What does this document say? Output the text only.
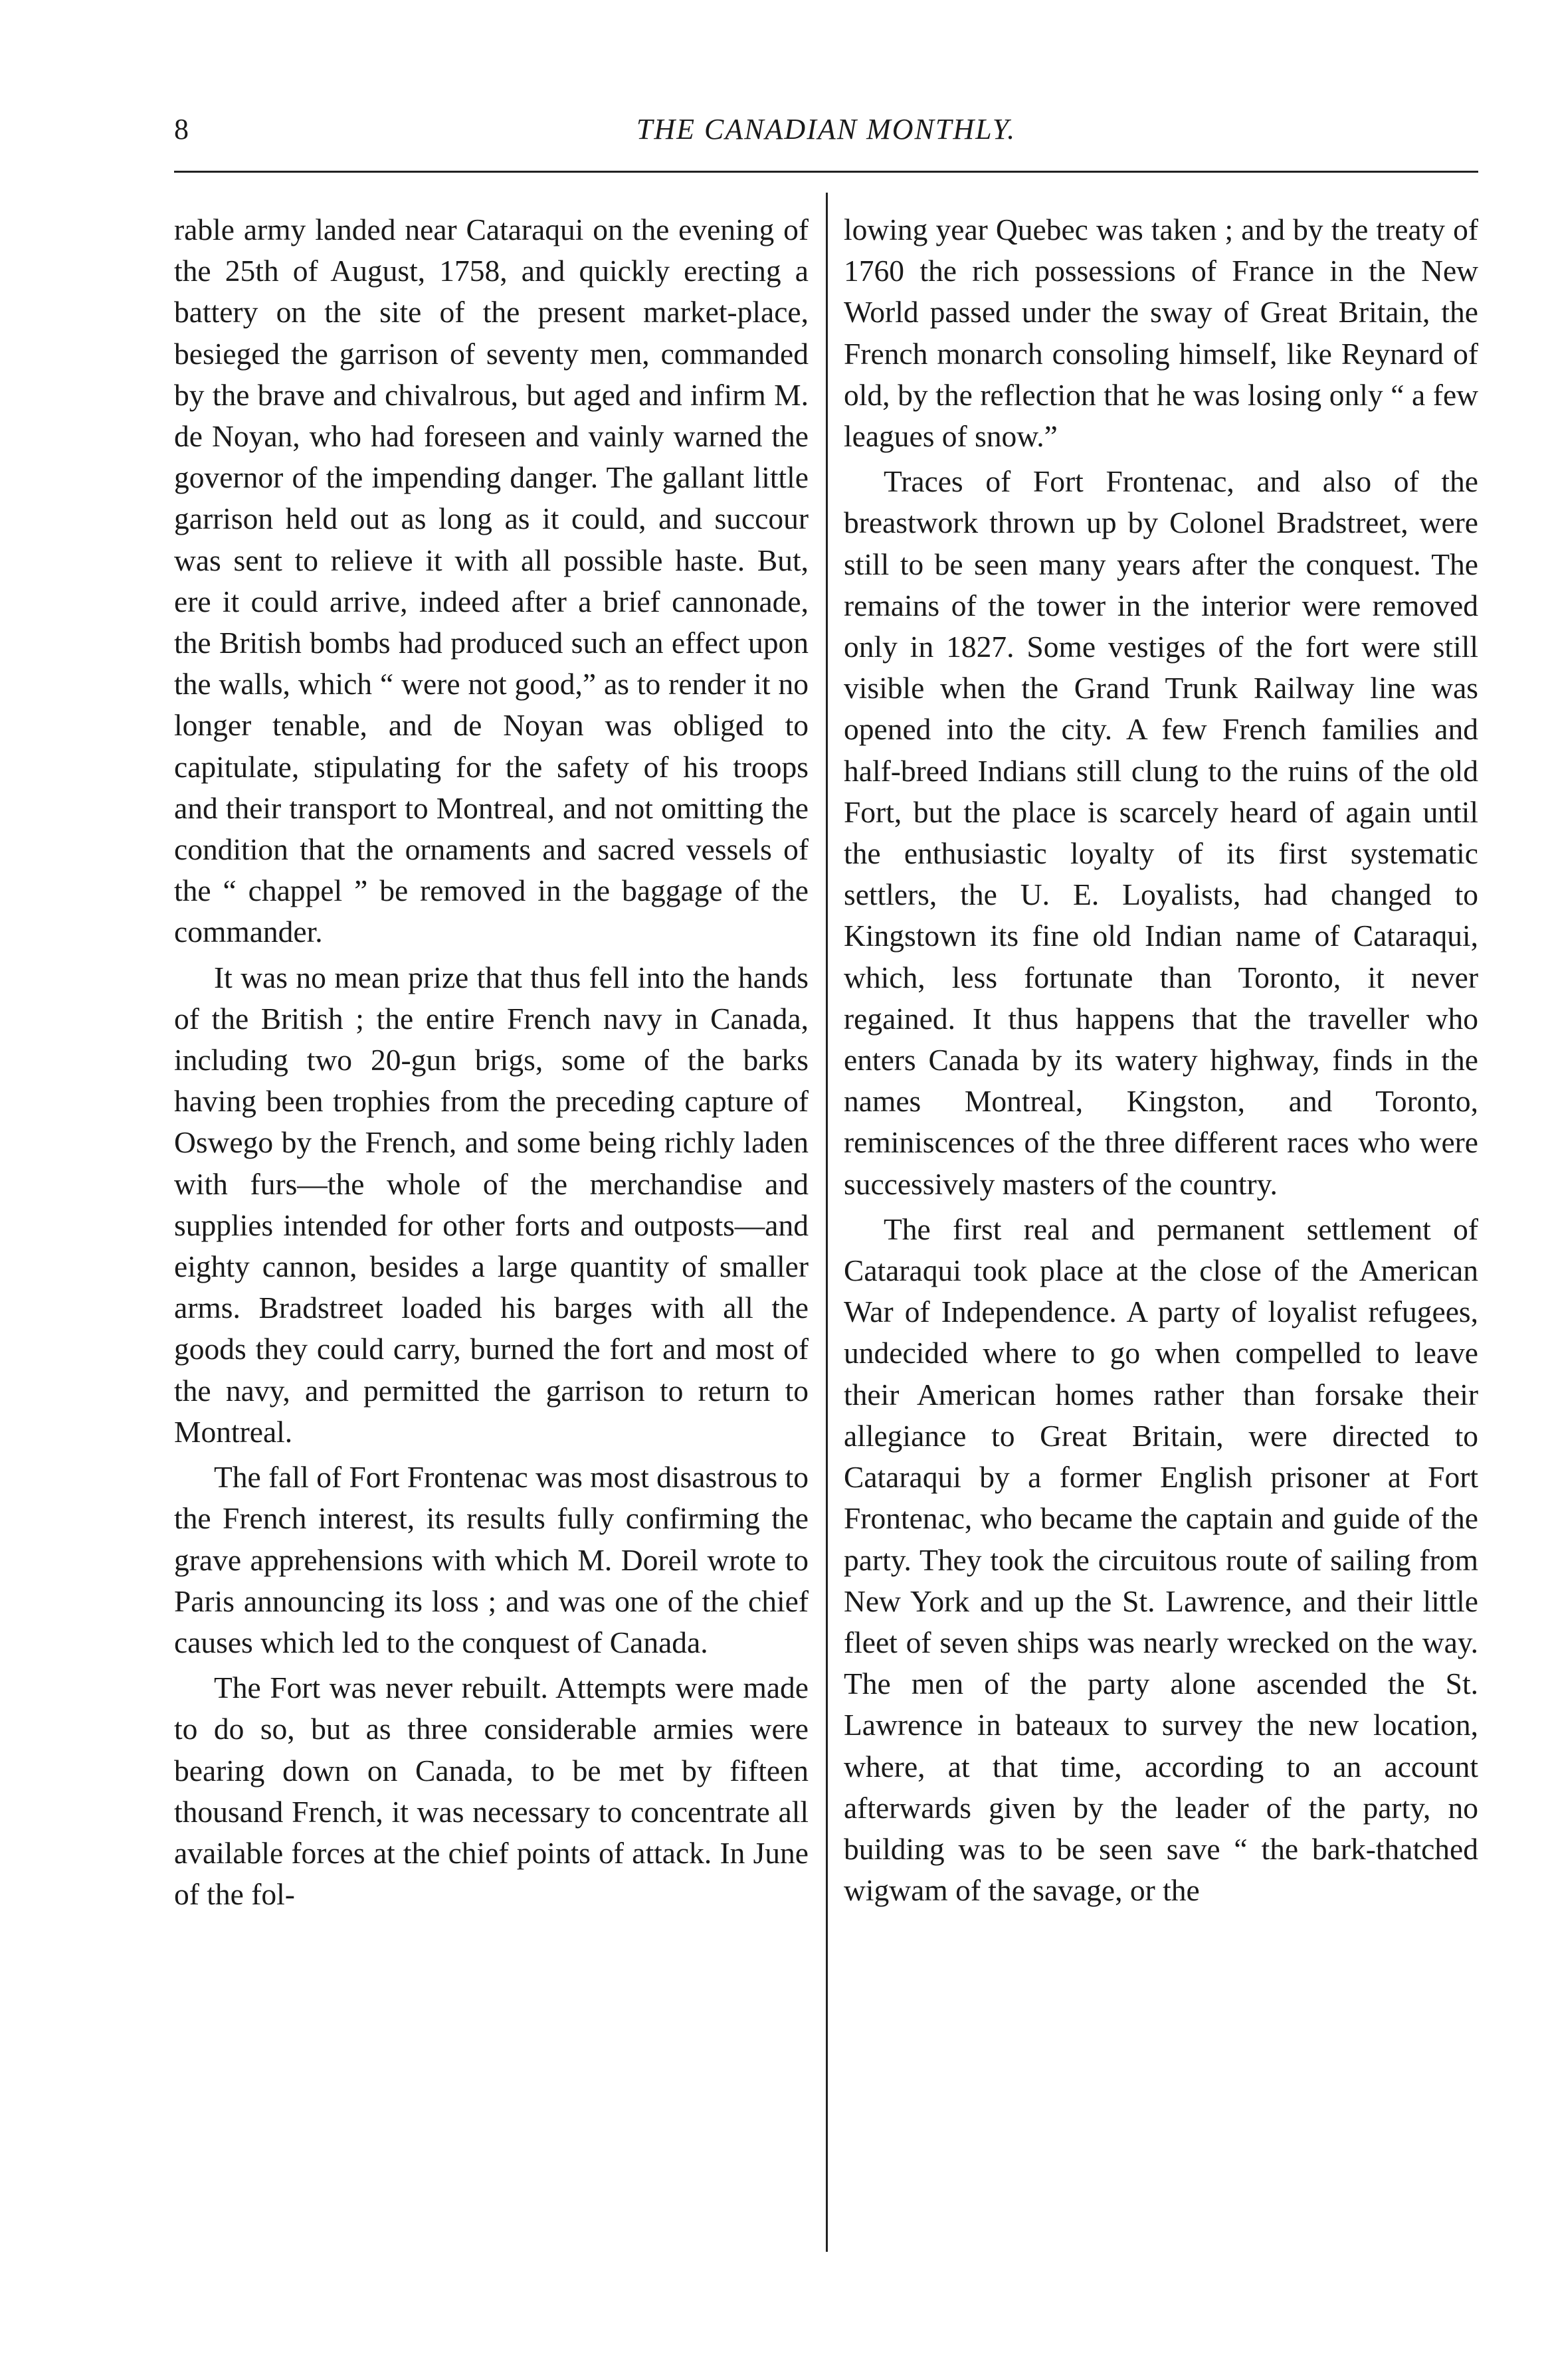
8	THE CANADIAN MONTHLY.

rable army landed near Cataraqui on the evening of the 25th of August, 1758, and quickly erecting a battery on the site of the present market-place, besieged the garrison of seventy men, commanded by the brave and chivalrous, but aged and infirm M. de Noyan, who had foreseen and vainly warned the governor of the impending danger. The gallant little garrison held out as long as it could, and succour was sent to relieve it with all possible haste. But, ere it could arrive, indeed after a brief cannonade, the British bombs had produced such an effect upon the walls, which “ were not good,” as to render it no longer tenable, and de Noyan was obliged to capitulate, stipulating for the safety of his troops and their transport to Montreal, and not omitting the condition that the ornaments and sacred vessels of the “ chappel ” be removed in the baggage of the commander.

It was no mean prize that thus fell into the hands of the British ; the entire French navy in Canada, including two 20-gun brigs, some of the barks having been trophies from the preceding capture of Oswego by the French, and some being richly laden with furs—the whole of the merchandise and supplies intended for other forts and outposts—and eighty cannon, besides a large quantity of smaller arms. Bradstreet loaded his barges with all the goods they could carry, burned the fort and most of the navy, and permitted the garrison to return to Montreal.

The fall of Fort Frontenac was most disastrous to the French interest, its results fully confirming the grave apprehensions with which M. Doreil wrote to Paris announcing its loss ; and was one of the chief causes which led to the conquest of Canada.

The Fort was never rebuilt. Attempts were made to do so, but as three considerable armies were bearing down on Canada, to be met by fifteen thousand French, it was necessary to concentrate all available forces at the chief points of attack. In June of the fol-

lowing year Quebec was taken ; and by the treaty of 1760 the rich possessions of France in the New World passed under the sway of Great Britain, the French monarch consoling himself, like Reynard of old, by the reflection that he was losing only “ a few leagues of snow.”

Traces of Fort Frontenac, and also of the breastwork thrown up by Colonel Bradstreet, were still to be seen many years after the conquest. The remains of the tower in the interior were removed only in 1827. Some vestiges of the fort were still visible when the Grand Trunk Railway line was opened into the city. A few French families and half-breed Indians still clung to the ruins of the old Fort, but the place is scarcely heard of again until the enthusiastic loyalty of its first systematic settlers, the U. E. Loyalists, had changed to Kingstown its fine old Indian name of Cataraqui, which, less fortunate than Toronto, it never regained. It thus happens that the traveller who enters Canada by its watery highway, finds in the names Montreal, Kingston, and Toronto, reminiscences of the three different races who were successively masters of the country.

The first real and permanent settlement of Cataraqui took place at the close of the American War of Independence. A party of loyalist refugees, undecided where to go when compelled to leave their American homes rather than forsake their allegiance to Great Britain, were directed to Cataraqui by a former English prisoner at Fort Frontenac, who became the captain and guide of the party. They took the circuitous route of sailing from New York and up the St. Lawrence, and their little fleet of seven ships was nearly wrecked on the way. The men of the party alone ascended the St. Lawrence in bateaux to survey the new location, where, at that time, according to an account afterwards given by the leader of the party, no building was to be seen save “ the bark-thatched wigwam of the savage, or the
